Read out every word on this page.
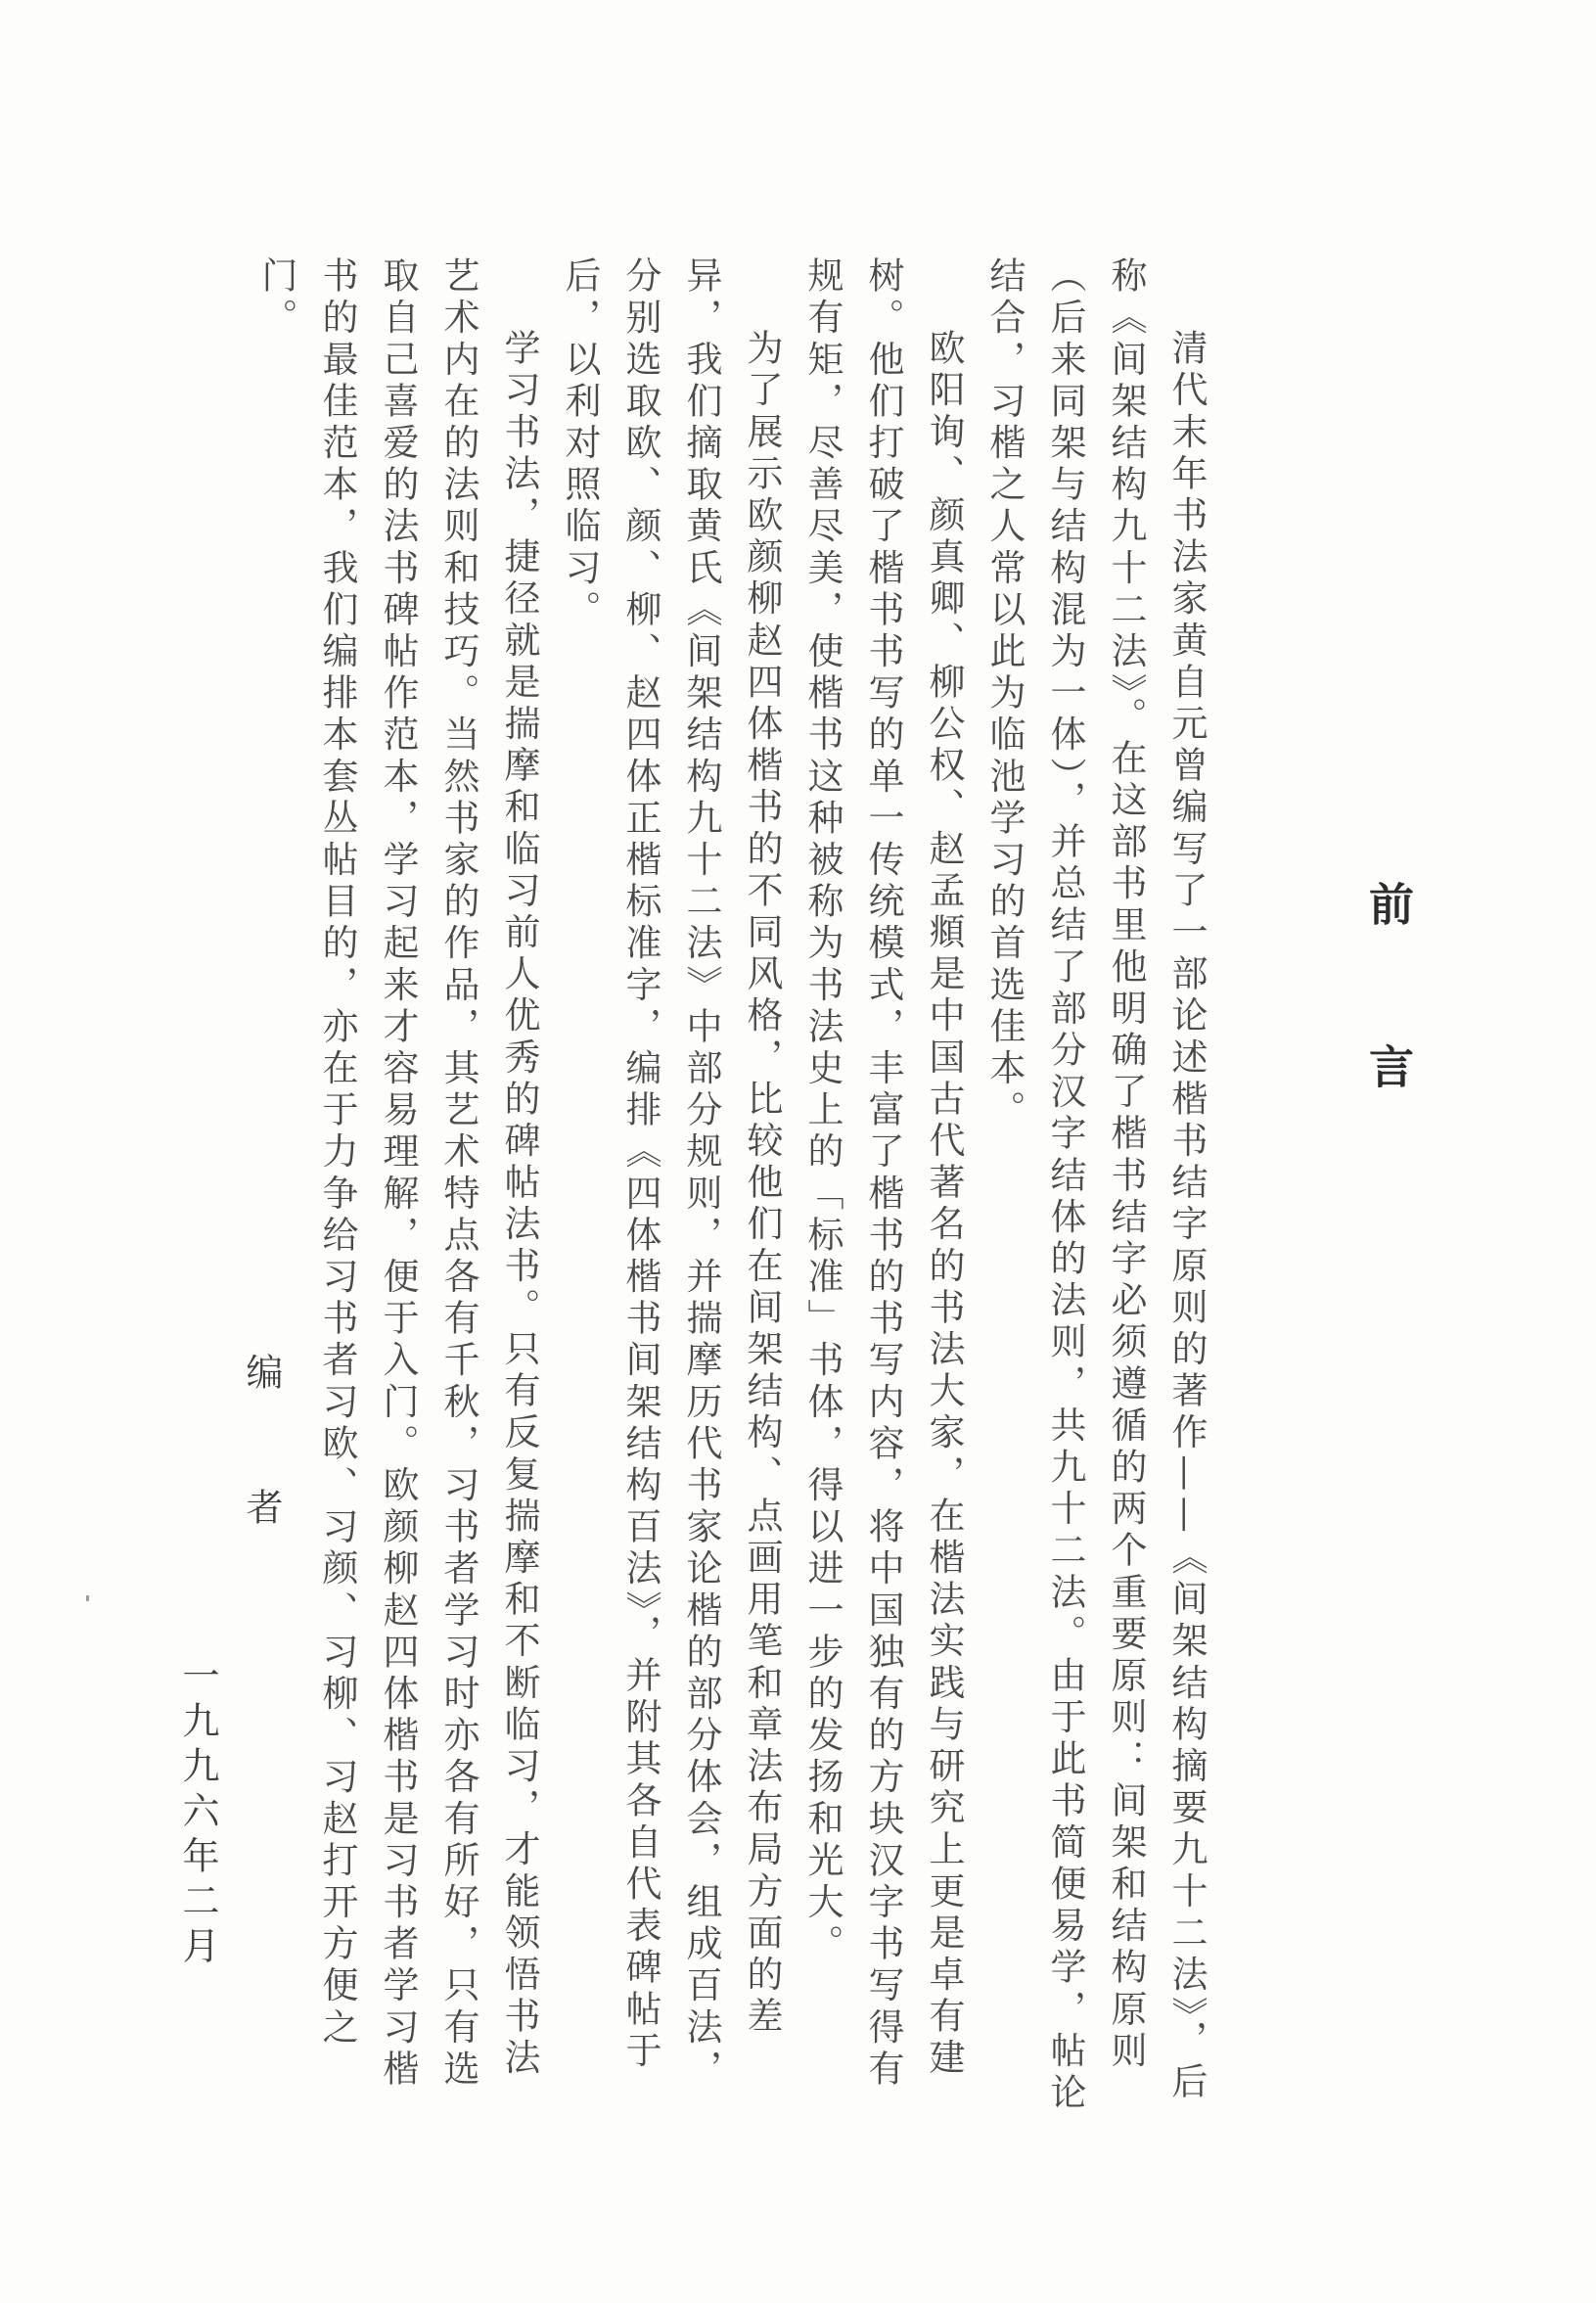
前 言

清代末年书法家黄自元曾编写了一部论述楷书结字原则的著作——《间架结构摘要九十二法》，后称《间架结构九十二法》。在这部书里他明确了楷书结字必须遵循的两个重要原则：间架和结构原则（后来同架与结构混为一体），并总结了部分汉字结体的法则，共九十二法。由于此书简便易学，帖论结合，习楷之人常以此为临池学习的首选佳本。

欧阳询、颜真卿、柳公权、赵孟頫是中国古代著名的书法大家，在楷法实践与研究上更是卓有建树。他们打破了楷书书写的单一传统模式，丰富了楷书的书写内容，将中国独有的方块汉字书写得有规有矩，尽善尽美，使楷书这种被称为书法史上的「标准」书体，得以进一步的发扬和光大。

为了展示欧颜柳赵四体楷书的不同风格，比较他们在间架结构、点画用笔和章法布局方面的差异，我们摘取黄氏《间架结构九十二法》中部分规则，并揣摩历代书家论楷的部分体会，组成百法，分别选取欧、颜、柳、赵四体正楷标准字，编排《四体楷书间架结构百法》，并附其各自代表碑帖于后，以利对照临习。

学习书法，捷径就是揣摩和临习前人优秀的碑帖法书。只有反复揣摩和不断临习，才能领悟书法艺术内在的法则和技巧。当然书家的作品，其艺术特点各有千秋，习书者学习时亦各有所好，只有选取自己喜爱的法书碑帖作范本，学习起来才容易理解，便于入门。欧颜柳赵四体楷书是习书者学习楷书的最佳范本，我们编排本套丛帖目的，亦在于力争给习书者习欧、习颜、习柳、习赵打开方便之门。

编 者
一九九六年二月
